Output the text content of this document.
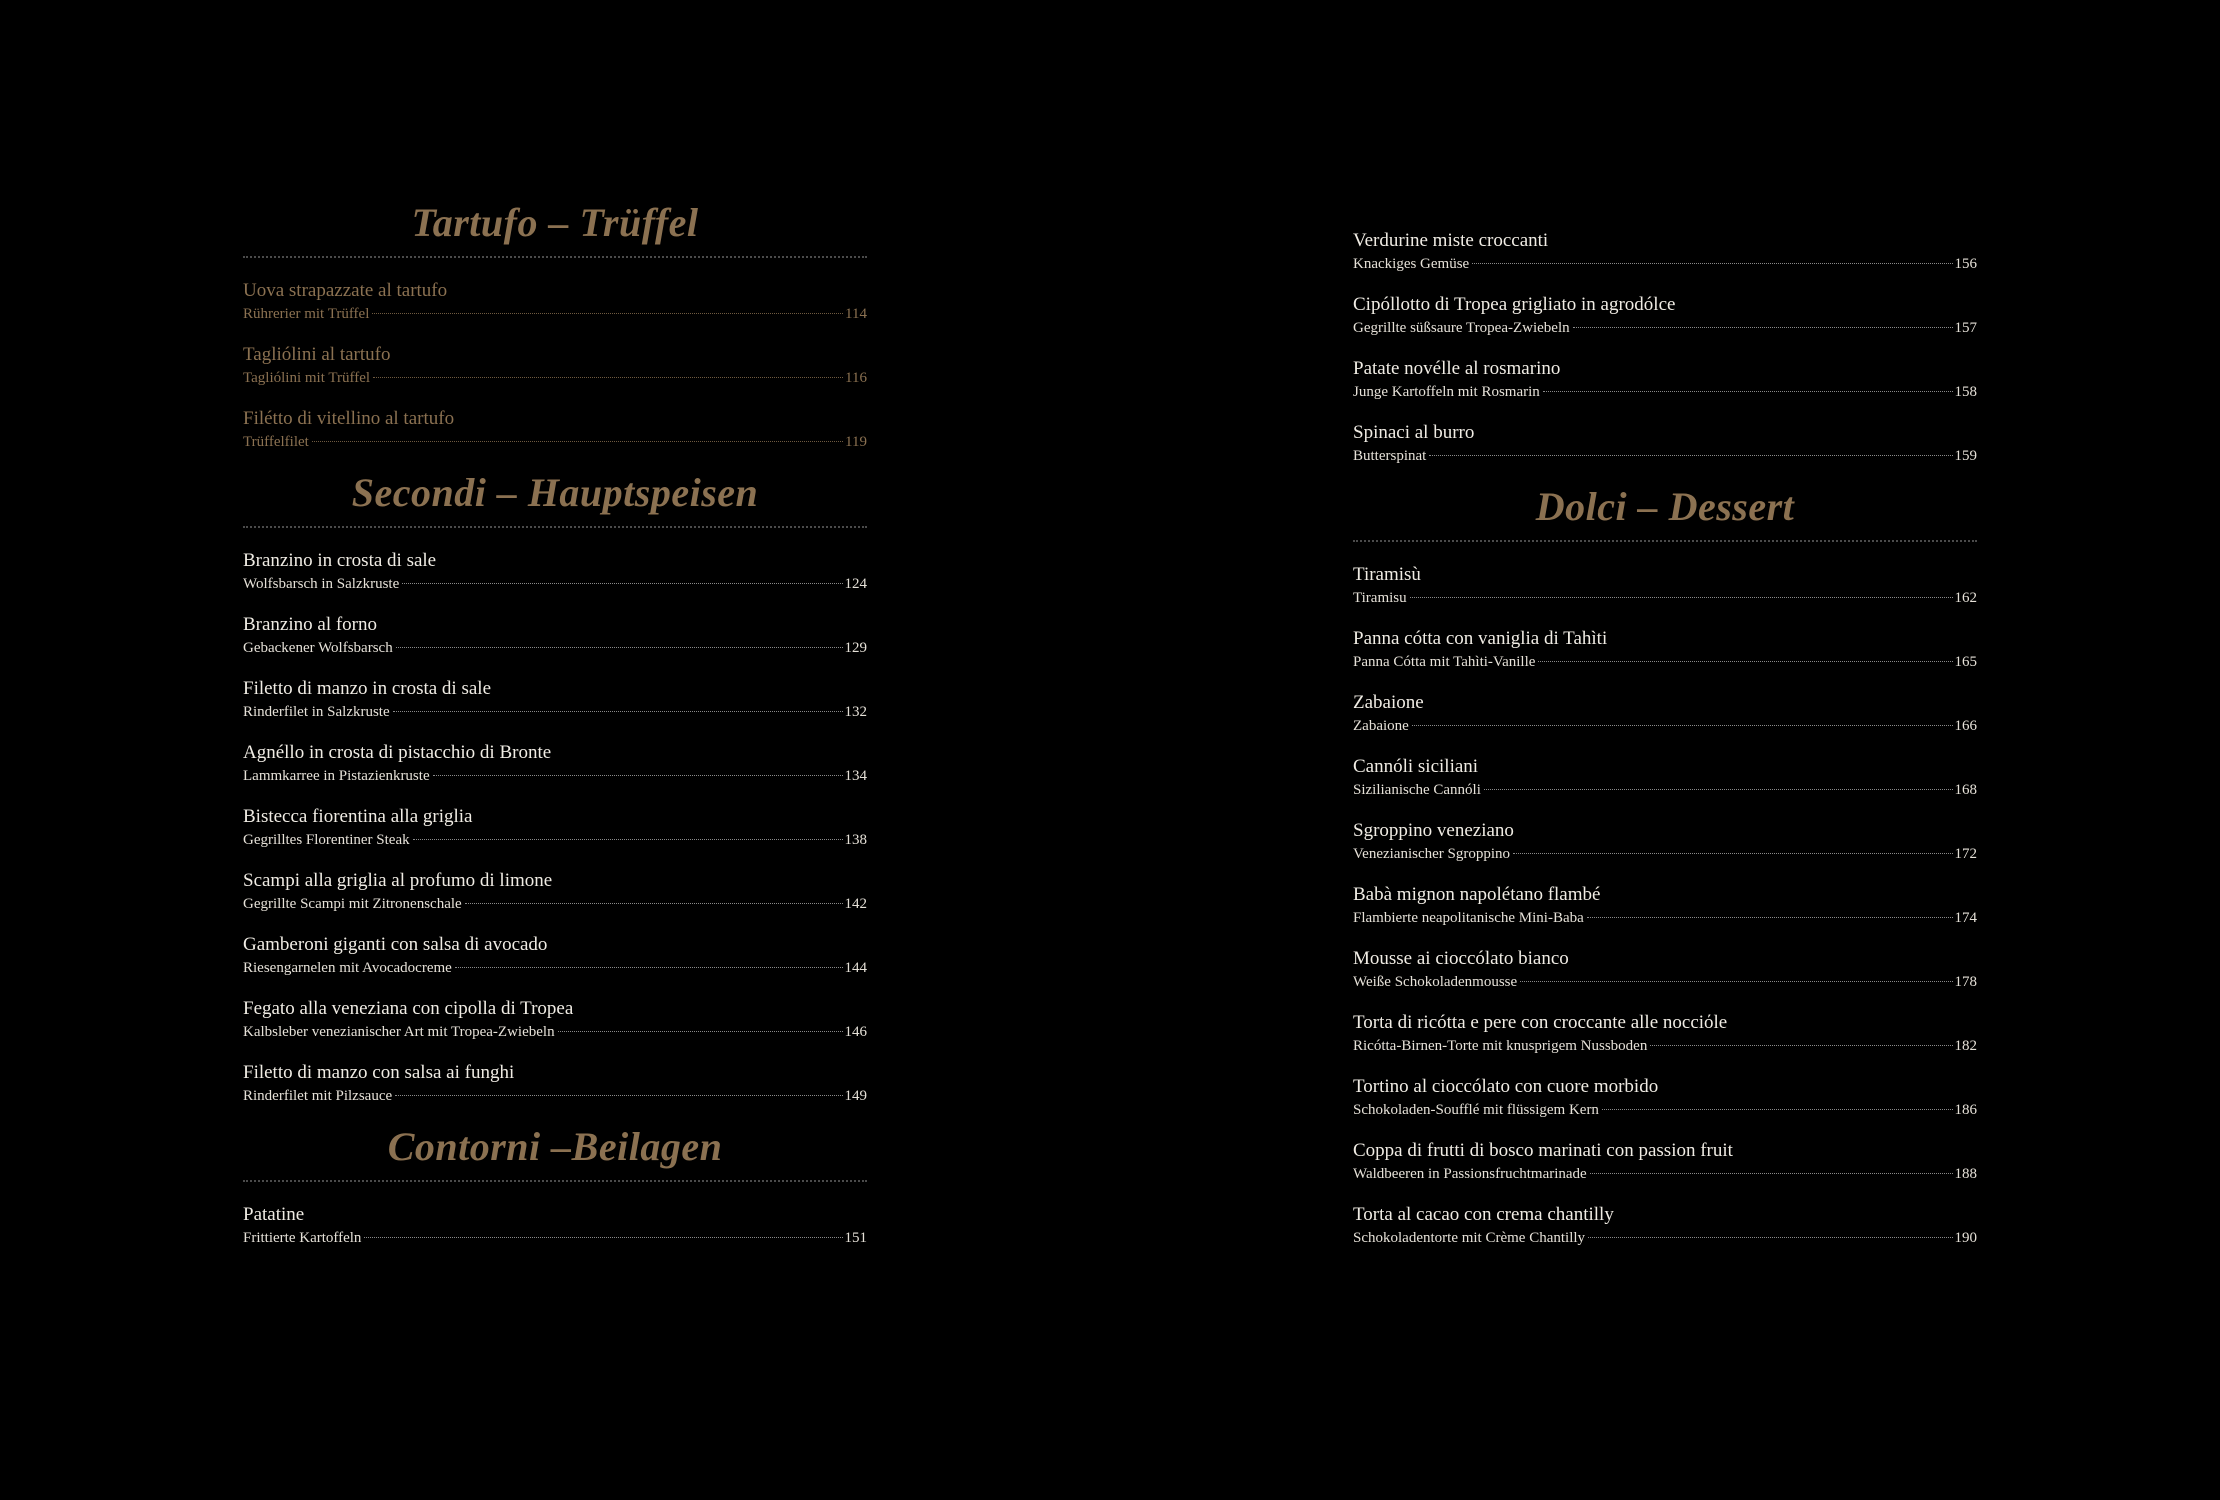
Tartufo – Trüffel
Uova strapazzate al tartufo
Rührerier mit Trüffel	114
Tagliólini al tartufo
Tagliólini mit Trüffel	116
Filétto di vitellino al tartufo
Trüffelfilet	119
Secondi – Hauptspeisen
Branzino in crosta di sale
Wolfsbarsch in Salzkruste	124
Branzino al forno
Gebackener Wolfsbarsch	129
Filetto di manzo in crosta di sale
Rinderfilet in Salzkruste	132
Agnéllo in crosta di pistacchio di Bronte
Lammkarree in Pistazienkruste	134
Bistecca fiorentina alla griglia
Gegrilltes Florentiner Steak	138
Scampi alla griglia al profumo di limone
Gegrillte Scampi mit Zitronenschale	142
Gamberoni giganti con salsa di avocado
Riesengarnelen mit Avocadocreme	144
Fegato alla veneziana con cipolla di Tropea
Kalbsleber venezianischer Art mit Tropea-Zwiebeln	146
Filetto di manzo con salsa ai funghi
Rinderfilet mit Pilzsauce	149
Contorni –Beilagen
Patatine
Frittierte Kartoffeln	151
Verdurine miste croccanti
Knackiges Gemüse	156
Cipóllotto di Tropea grigliato in agrodólce
Gegrillte süßsaure Tropea-Zwiebeln	157
Patate novélle al rosmarino
Junge Kartoffeln mit Rosmarin	158
Spinaci al burro
Butterspinat	159
Dolci – Dessert
Tiramisù
Tiramisu	162
Panna cótta con vaniglia di Tahìti
Panna Cótta mit Tahìti-Vanille	165
Zabaione
Zabaione	166
Cannóli siciliani
Sizilianische Cannóli	168
Sgroppino veneziano
Venezianischer Sgroppino	172
Babà mignon napolétano flambé
Flambierte neapolitanische Mini-Baba	174
Mousse ai cioccólato bianco
Weiße Schokoladenmousse	178
Torta di ricótta e pere con croccante alle nocciόle
Ricótta-Birnen-Torte mit knusprigem Nussboden	182
Tortino al cioccólato con cuore morbido
Schokoladen-Soufflé mit flüssigem Kern	186
Coppa di frutti di bosco marinati con passion fruit
Waldbeeren in Passionsfruchtmarinade	188
Torta al cacao con crema chantilly
Schokoladentorte mit Crème Chantilly	190
